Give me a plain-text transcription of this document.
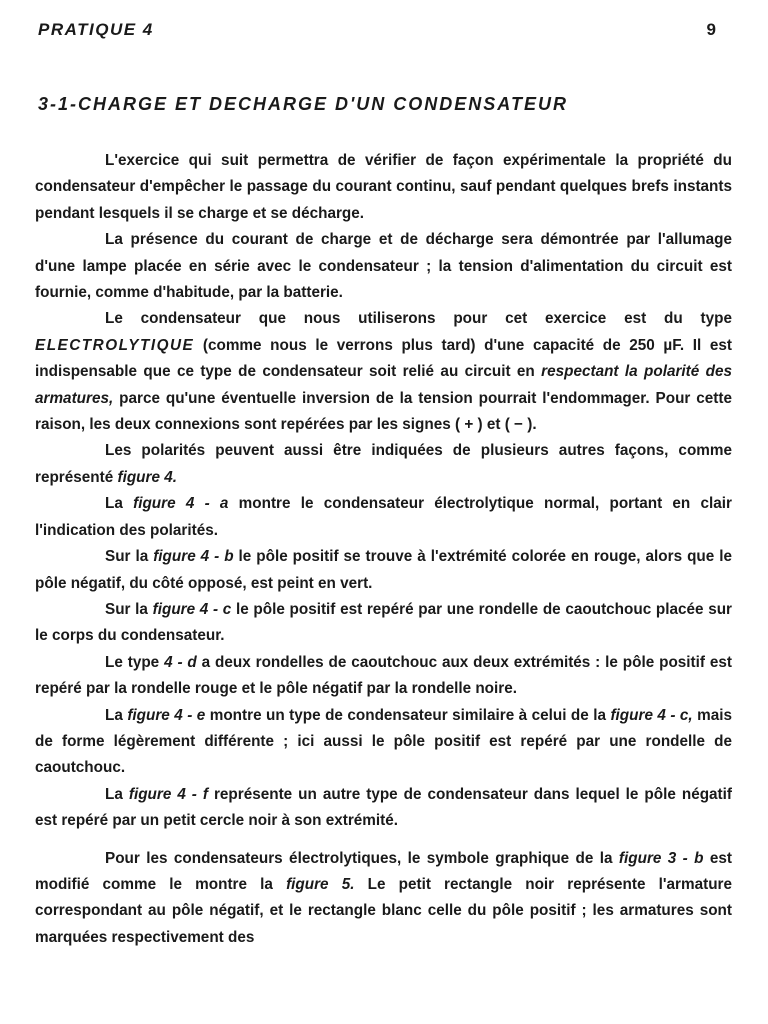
PRATIQUE 4	9
3-1-CHARGE ET DECHARGE D'UN CONDENSATEUR

L'exercice qui suit permettra de vérifier de façon expérimentale la propriété du condensateur d'empêcher le passage du courant continu, sauf pendant quelques brefs instants pendant lesquels il se charge et se décharge.

La présence du courant de charge et de décharge sera démontrée par l'allumage d'une lampe placée en série avec le condensateur ; la tension d'alimentation du circuit est fournie, comme d'habitude, par la batterie.

Le condensateur que nous utiliserons pour cet exercice est du type ELECTROLYTIQUE (comme nous le verrons plus tard) d'une capacité de 250 µF. Il est indispensable que ce type de condensateur soit relié au circuit en respectant la polarité des armatures, parce qu'une éventuelle inversion de la tension pourrait l'endommager. Pour cette raison, les deux connexions sont repérées par les signes ( + ) et ( − ).

Les polarités peuvent aussi être indiquées de plusieurs autres façons, comme représenté figure 4.

La figure 4 - a montre le condensateur électrolytique normal, portant en clair l'indication des polarités.

Sur la figure 4 - b le pôle positif se trouve à l'extrémité colorée en rouge, alors que le pôle négatif, du côté opposé, est peint en vert.

Sur la figure 4 - c le pôle positif est repéré par une rondelle de caoutchouc placée sur le corps du condensateur.

Le type 4 - d a deux rondelles de caoutchouc aux deux extrémités : le pôle positif est repéré par la rondelle rouge et le pôle négatif par la rondelle noire.

La figure 4 - e montre un type de condensateur similaire à celui de la figure 4 - c, mais de forme légèrement différente ; ici aussi le pôle positif est repéré par une rondelle de caoutchouc.

La figure 4 - f représente un autre type de condensateur dans lequel le pôle négatif est repéré par un petit cercle noir à son extrémité.

Pour les condensateurs électrolytiques, le symbole graphique de la figure 3 - b est modifié comme le montre la figure 5. Le petit rectangle noir représente l'armature correspondant au pôle négatif, et le rectangle blanc celle du pôle positif ; les armatures sont marquées respectivement des
